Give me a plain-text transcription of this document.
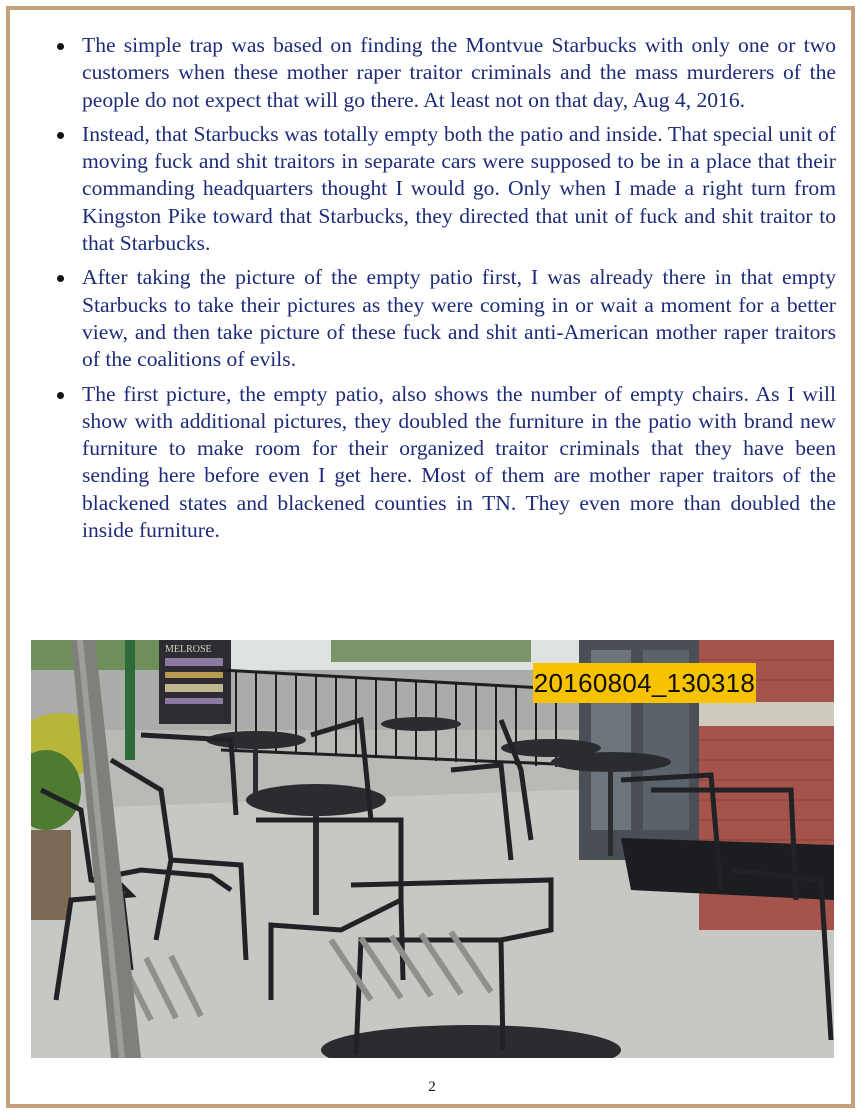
The simple trap was based on finding the Montvue Starbucks with only one or two customers when these mother raper traitor criminals and the mass murderers of the people do not expect that will go there. At least not on that day, Aug 4, 2016.
Instead, that Starbucks was totally empty both the patio and inside. That special unit of moving fuck and shit traitors in separate cars were supposed to be in a place that their commanding headquarters thought I would go. Only when I made a right turn from Kingston Pike toward that Starbucks, they directed that unit of fuck and shit traitor to that Starbucks.
After taking the picture of the empty patio first, I was already there in that empty Starbucks to take their pictures as they were coming in or wait a moment for a better view, and then take picture of these fuck and shit anti-American mother raper traitors of the coalitions of evils.
The first picture, the empty patio, also shows the number of empty chairs. As I will show with additional pictures, they doubled the furniture in the patio with brand new furniture to make room for their organized traitor criminals that they have been sending here before even I get here. Most of them are mother raper traitors of the blackened states and blackened counties in TN. They even more than doubled the inside furniture.
MELROSE
20160804_130318
2
